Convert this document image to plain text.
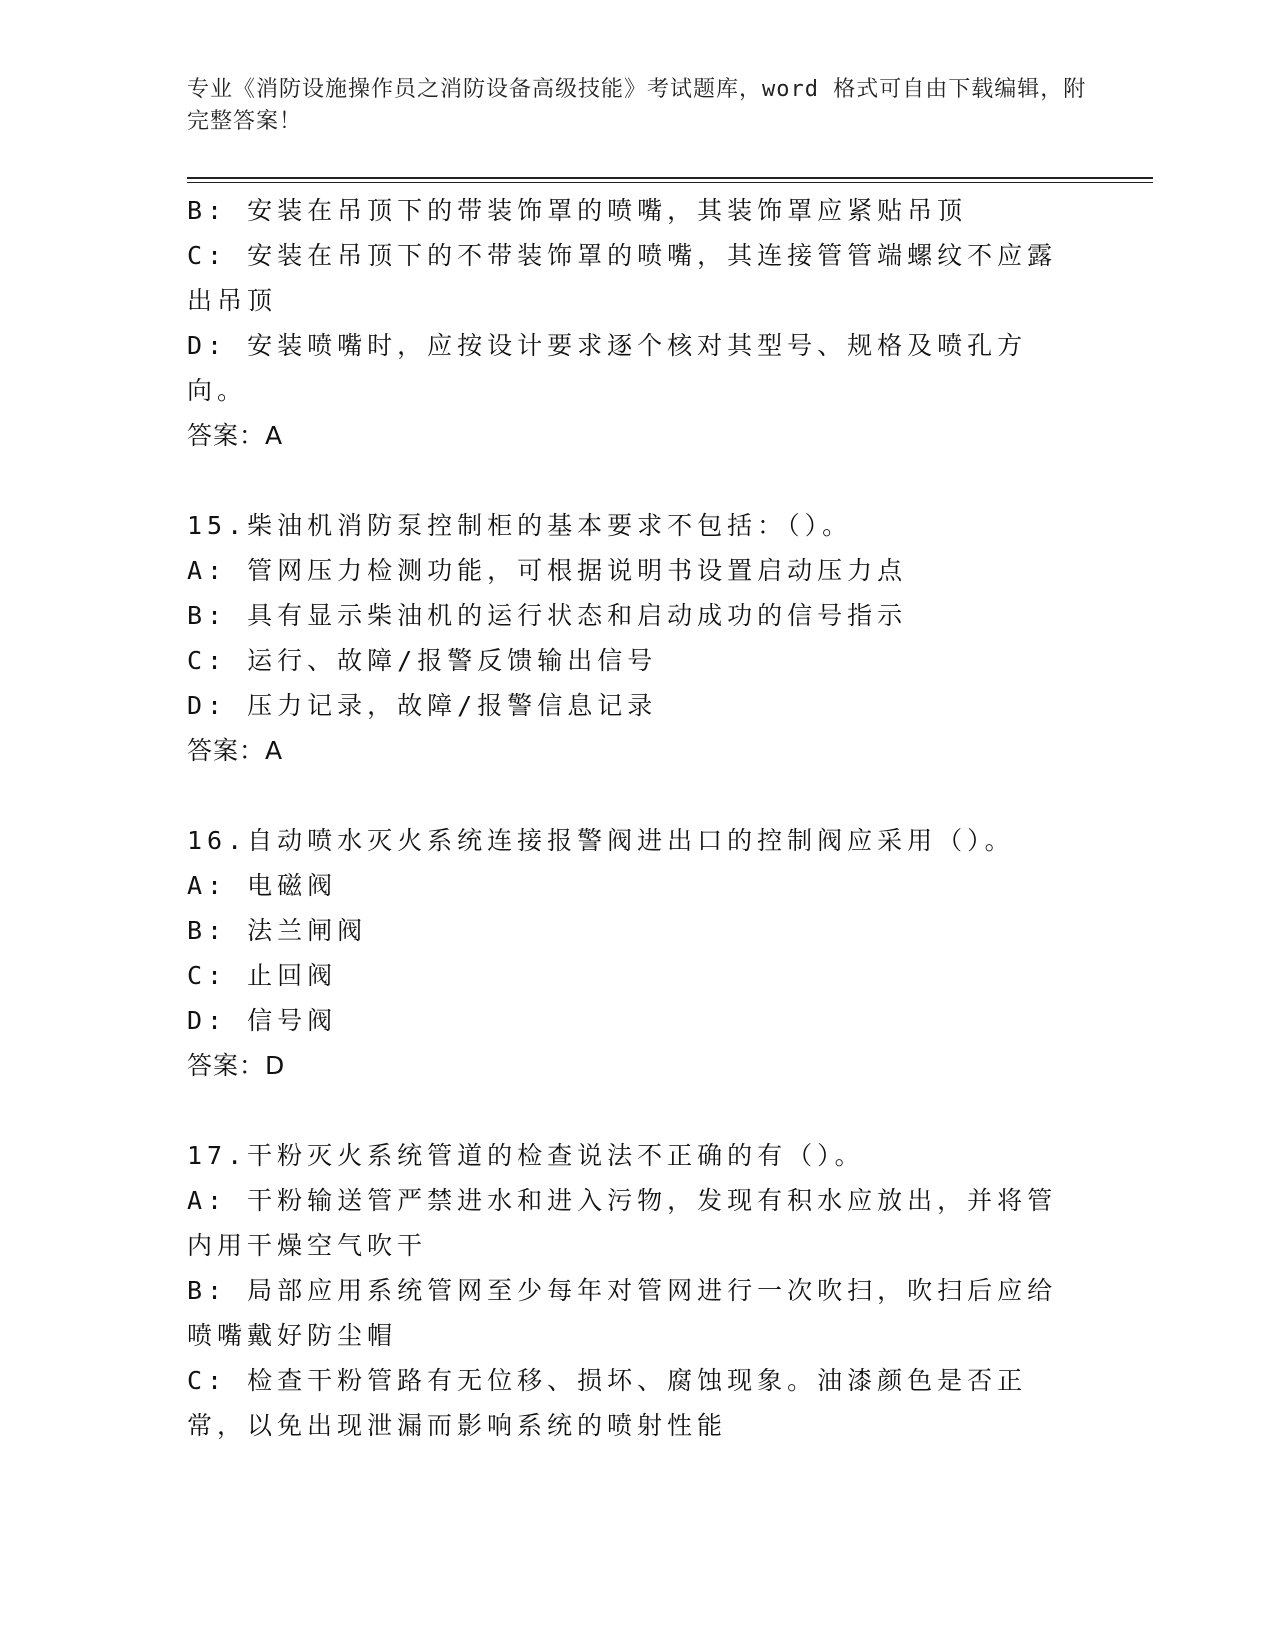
专业《消防设施操作员之消防设备高级技能》考试题库，word 格式可自由下载编辑，附完整答案！

B: 安装在吊顶下的带装饰罩的喷嘴，其装饰罩应紧贴吊顶

C: 安装在吊顶下的不带装饰罩的喷嘴，其连接管管端螺纹不应露出吊顶

D: 安装喷嘴时，应按设计要求逐个核对其型号、规格及喷孔方向。

答案：A

15.柴油机消防泵控制柜的基本要求不包括：（）。

A: 管网压力检测功能，可根据说明书设置启动压力点

B: 具有显示柴油机的运行状态和启动成功的信号指示

C: 运行、故障/报警反馈输出信号

D: 压力记录，故障/报警信息记录

答案：A

16.自动喷水灭火系统连接报警阀进出口的控制阀应采用（）。

A: 电磁阀

B: 法兰闸阀

C: 止回阀

D: 信号阀

答案：D

17.干粉灭火系统管道的检查说法不正确的有（）。

A: 干粉输送管严禁进水和进入污物，发现有积水应放出，并将管内用干燥空气吹干

B: 局部应用系统管网至少每年对管网进行一次吹扫，吹扫后应给喷嘴戴好防尘帽

C: 检查干粉管路有无位移、损坏、腐蚀现象。油漆颜色是否正常，以免出现泄漏而影响系统的喷射性能
